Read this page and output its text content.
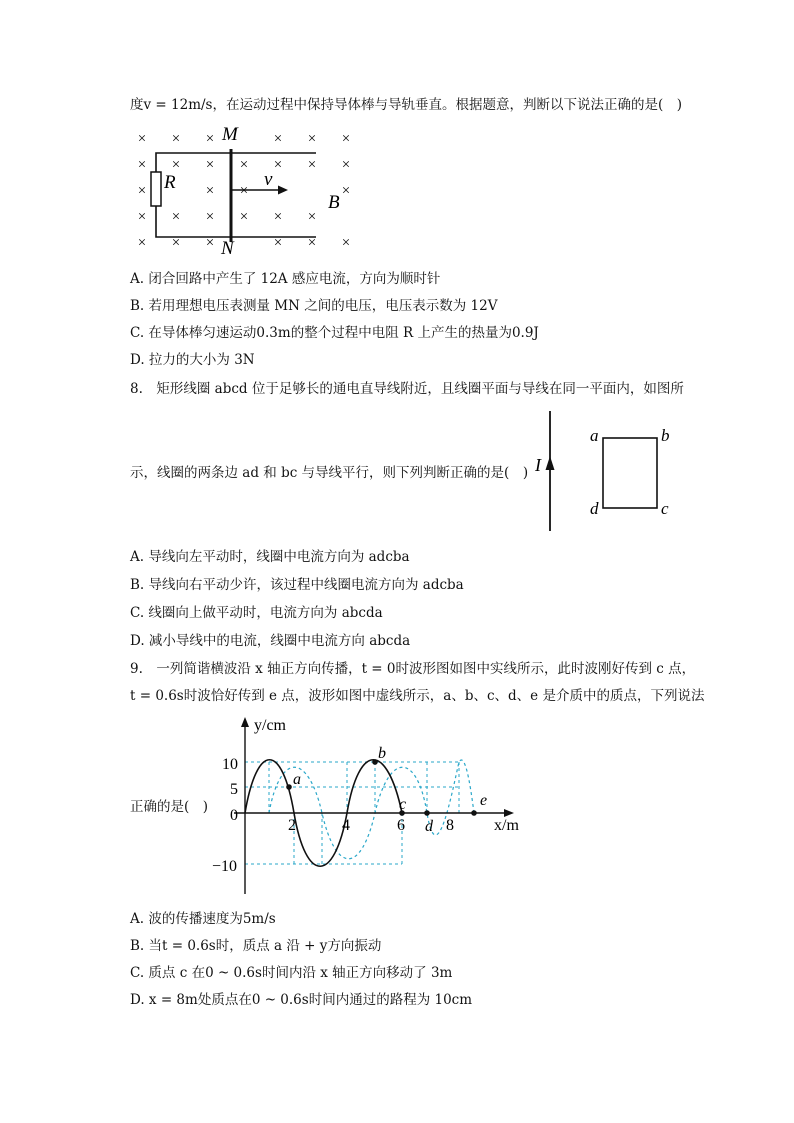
度v = 12m/s，在运动过程中保持导体棒与导轨垂直。根据题意，判断以下说法正确的是(　)
× × ×	× × ×
× × × × × × ×
×	× ×	×
× × × × × ×
× × ×	× × ×
M
N
R	v
B
A. 闭合回路中产生了 12A 感应电流，方向为顺时针
B. 若用理想电压表测量 MN 之间的电压，电压表示数为 12V
C. 在导体棒匀速运动0.3m的整个过程中电阻 R 上产生的热量为0.9J
D. 拉力的大小为 3N
8.　矩形线圈 abcd 位于足够长的通电直导线附近，且线圈平面与导线在同一平面内，如图所
示，线圈的两条边 ad 和 bc 与导线平行，则下列判断正确的是(　) I
a	b
c
d
A. 导线向左平动时，线圈中电流方向为 adcba
B. 导线向右平动少许，该过程中线圈电流方向为 adcba
C. 线圈向上做平动时，电流方向为 abcda
D. 减小导线中的电流，线圈中电流方向 abcda
9.　一列简谐横波沿 x 轴正方向传播，t = 0时波形图如图中实线所示，此时波刚好传到 c 点，
t = 0.6s时波恰好传到 e 点，波形如图中虚线所示，a、b、c、d、e 是介质中的质点，下列说法
正确的是(　)
y/cm
x/m
10
5
0
−10
2	4	6	8
a
b
c
d
e
A. 波的传播速度为5m/s
B. 当t = 0.6s时，质点 a 沿 + y方向振动
C. 质点 c 在0 ~ 0.6s时间内沿 x 轴正方向移动了 3m
D. x = 8m处质点在0 ~ 0.6s时间内通过的路程为 10cm
